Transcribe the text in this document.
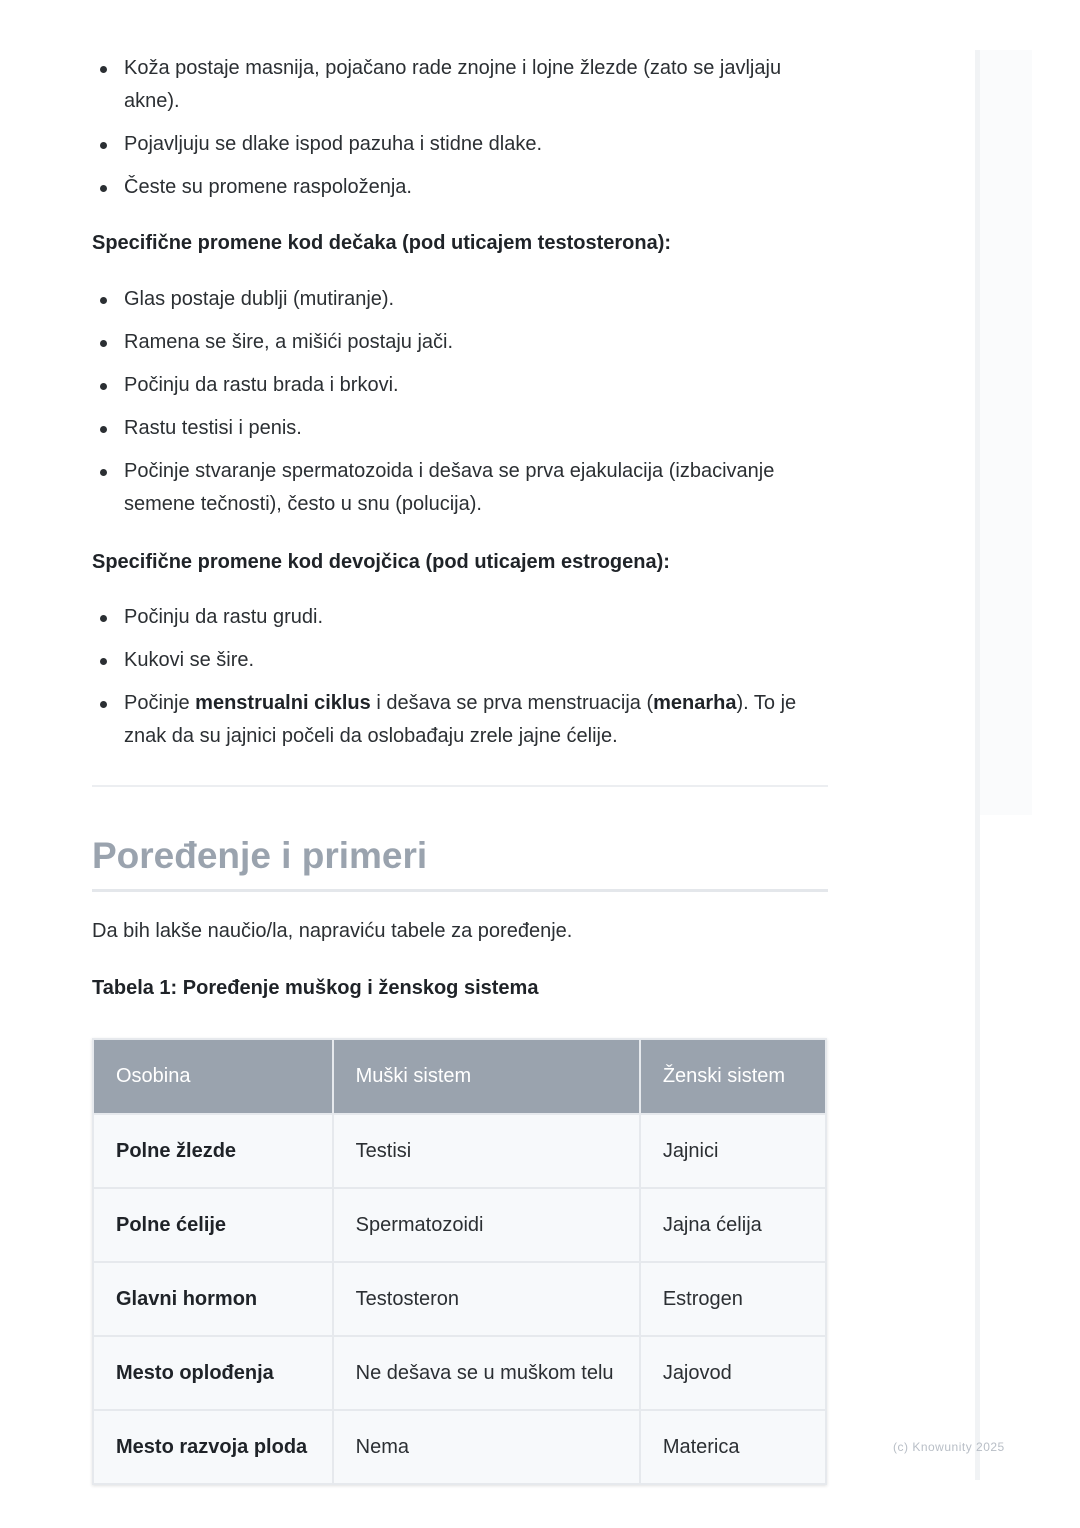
Koža postaje masnija, pojačano rade znojne i lojne žlezde (zato se javljaju akne).
Pojavljuju se dlake ispod pazuha i stidne dlake.
Česte su promene raspoloženja.

Specifične promene kod dečaka (pod uticajem testosterona):

Glas postaje dublji (mutiranje).
Ramena se šire, a mišići postaju jači.
Počinju da rastu brada i brkovi.
Rastu testisi i penis.
Počinje stvaranje spermatozoida i dešava se prva ejakulacija (izbacivanje semene tečnosti), često u snu (polucija).

Specifične promene kod devojčica (pod uticajem estrogena):

Počinju da rastu grudi.
Kukovi se šire.
Počinje menstrualni ciklus i dešava se prva menstruacija (menarha). To je znak da su jajnici počeli da oslobađaju zrele jajne ćelije.
Poređenje i primeri

Da bih lakše naučio/la, napraviću tabele za poređenje.

Tabela 1: Poređenje muškog i ženskog sistema

Osobina	Muški sistem	Ženski sistem
Polne žlezde	Testisi	Jajnici
Polne ćelije	Spermatozoidi	Jajna ćelija
Glavni hormon	Testosteron	Estrogen
Mesto oplođenja	Ne dešava se u muškom telu	Jajovod
Mesto razvoja ploda	Nema	Materica	(c) Knowunity 2025
